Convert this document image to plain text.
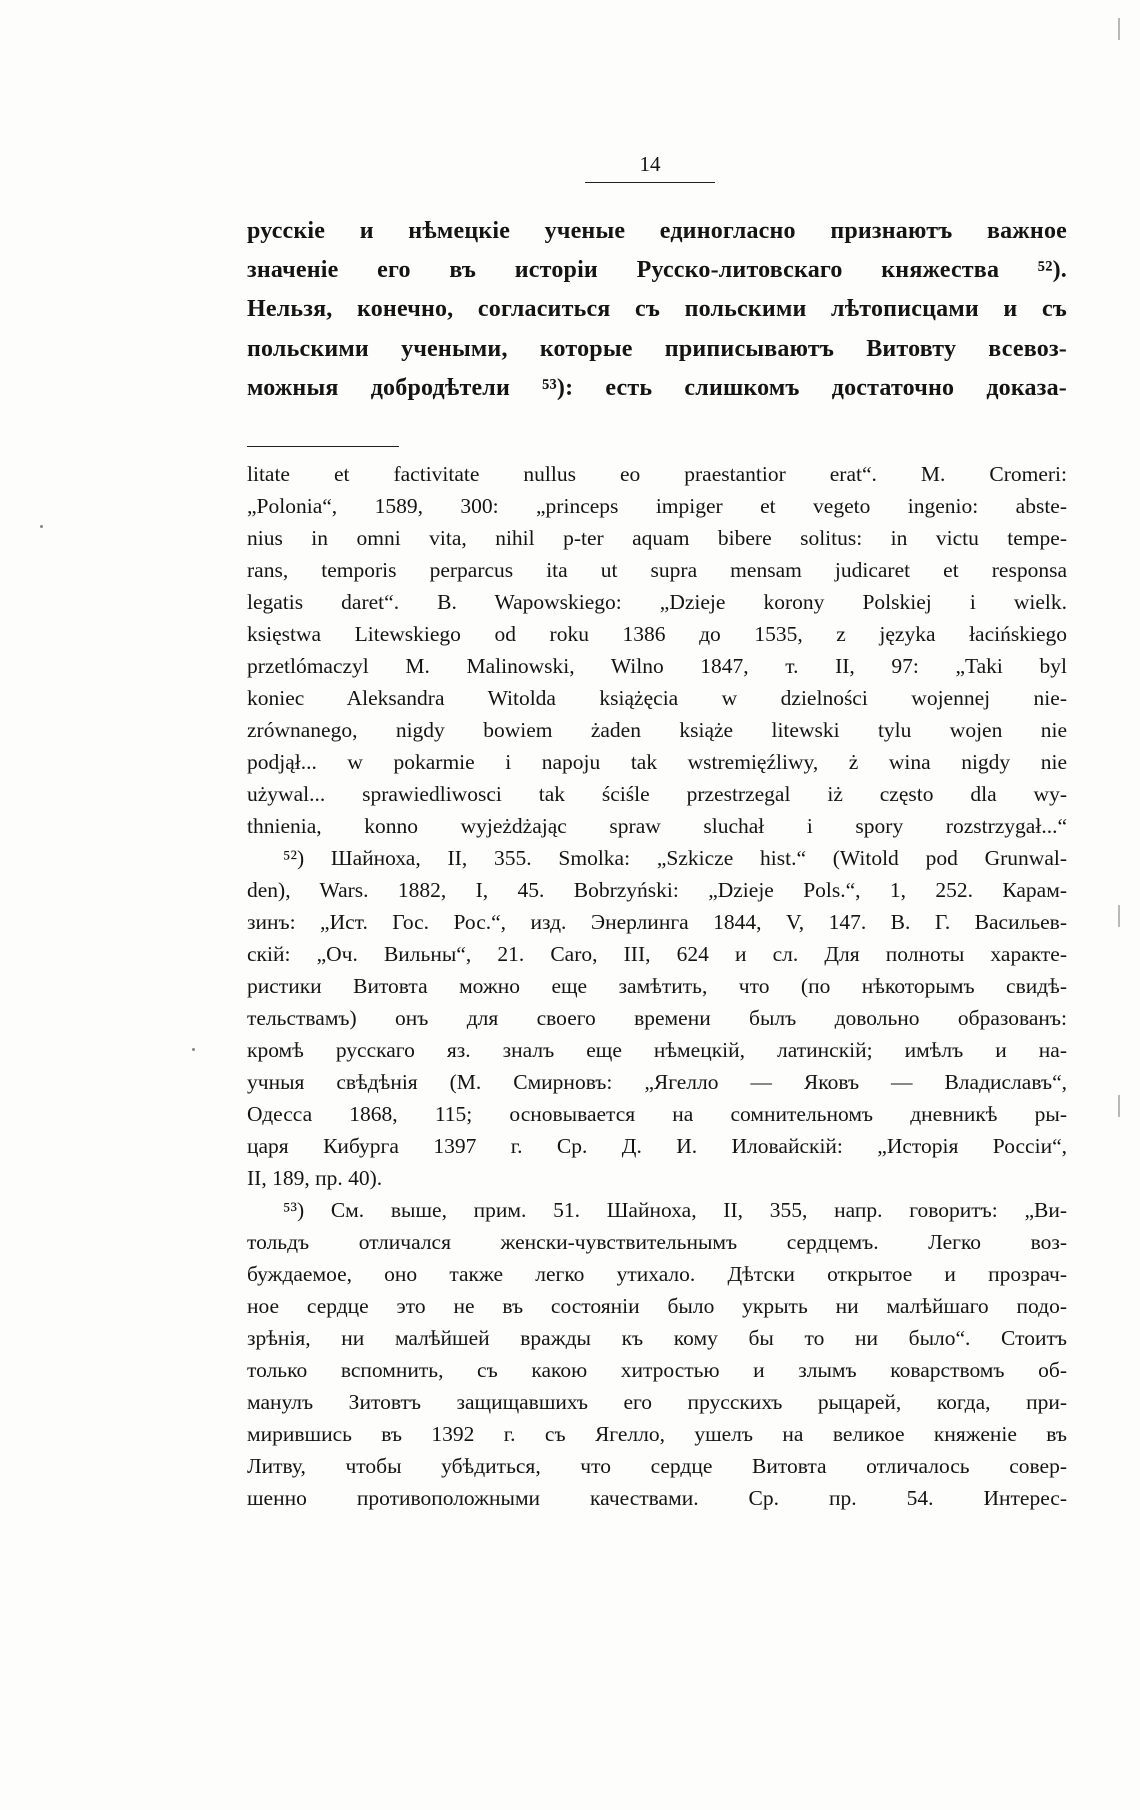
14
русскіе и нѣмецкіе ученые единогласно признаютъ важное
значеніе его въ исторіи Русско-литовскаго княжества ⁵²).
Нельзя, конечно, согласиться съ польскими лѣтописцами и съ
польскими учеными, которые приписываютъ Витовту всевоз-
можныя добродѣтели ⁵³): есть слишкомъ достаточно доказа-
litate et factivitate nullus eo praestantior erat“. M. Cromeri:
„Polonia“, 1589, 300: „princeps impiger et vegeto ingenio: abste-
nius in omni vita, nihil p-ter aquam bibere solitus: in victu tempe-
rans, temporis perparcus ita ut supra mensam judicaret et responsa
legatis daret“. B. Wapowskiego: „Dzieje korony Polskiej i wielk.
księstwa Litewskiego od roku 1386 до 1535, z języka łacińskiego
przetlómaczyl M. Malinowski, Wilno 1847, т. II, 97: „Taki byl
koniec Aleksandra Witolda książęcia w dzielności wojennej nie-
zrównanego, nigdy bowiem żaden książe litewski tylu wojen nie
podjął... w pokarmie i napoju tak wstremięźliwy, ż wina nigdy nie
używal... sprawiedliwosci tak ściśle przestrzegal iż często dla wy-
thnienia, konno wyjeżdżając spraw sluchał i spory rozstrzygał...“
⁵²) Шайноха, II, 355. Smolka: „Szkicze hist.“ (Witold pod Grunwal-
den), Wars. 1882, I, 45. Bobrzyński: „Dzieje Pols.“, 1, 252. Карам-
зинъ: „Ист. Гос. Рос.“, изд. Энерлинга 1844, V, 147. В. Г. Васильев-
скій: „Оч. Вильны“, 21. Caro, III, 624 и сл. Для полноты характе-
ристики Витовта можно еще замѣтить, что (по нѣкоторымъ свидѣ-
тельствамъ) онъ для своего времени былъ довольно образованъ:
кромѣ русскаго яз. зналъ еще нѣмецкій, латинскій; имѣлъ и на-
учныя свѣдѣнія (М. Смирновъ: „Ягелло — Яковъ — Владиславъ“,
Одесса 1868, 115; основывается на сомнительномъ дневникѣ ры-
царя Кибурга 1397 г. Ср. Д. И. Иловайскій: „Исторія Россіи“,
II, 189, пр. 40).
⁵³) См. выше, прим. 51. Шайноха, II, 355, напр. говоритъ: „Ви-
тольдъ отличался женски-чувствительнымъ сердцемъ. Легко воз-
буждаемое, оно также легко утихало. Дѣтски открытое и прозрач-
ное сердце это не въ состояніи было укрыть ни малѣйшаго подо-
зрѣнія, ни малѣйшей вражды къ кому бы то ни было“. Стоитъ
только вспомнить, съ какою хитростью и злымъ коварствомъ об-
манулъ Зитовтъ защищавшихъ его прусскихъ рыцарей, когда, при-
мирившись въ 1392 г. съ Ягелло, ушелъ на великое княженіе въ
Литву, чтобы убѣдиться, что сердце Витовта отличалось совер-
шенно противоположными качествами. Ср. пр. 54. Интерес-
